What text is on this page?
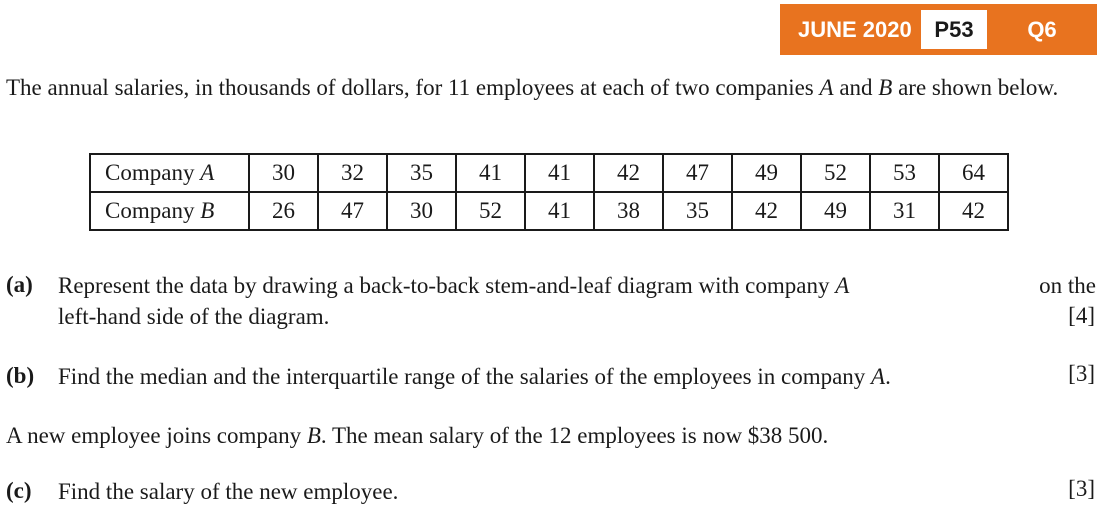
JUNE 2020	P53	Q6
The annual salaries, in thousands of dollars, for 11 employees at each of two companies A and B are shown below.
Company A	30	32	35	41	41	42	47	49	52	53	64
Company B	26	47	30	52	41	38	35	42	49	31	42
(a) Represent the data by drawing a back-to-back stem-and-leaf diagram with company A	on the
left-hand side of the diagram.	[4]
(b) Find the median and the interquartile range of the salaries of the employees in company A.	[3]
A new employee joins company B. The mean salary of the 12 employees is now $38 500.
(c) Find the salary of the new employee.	[3]
